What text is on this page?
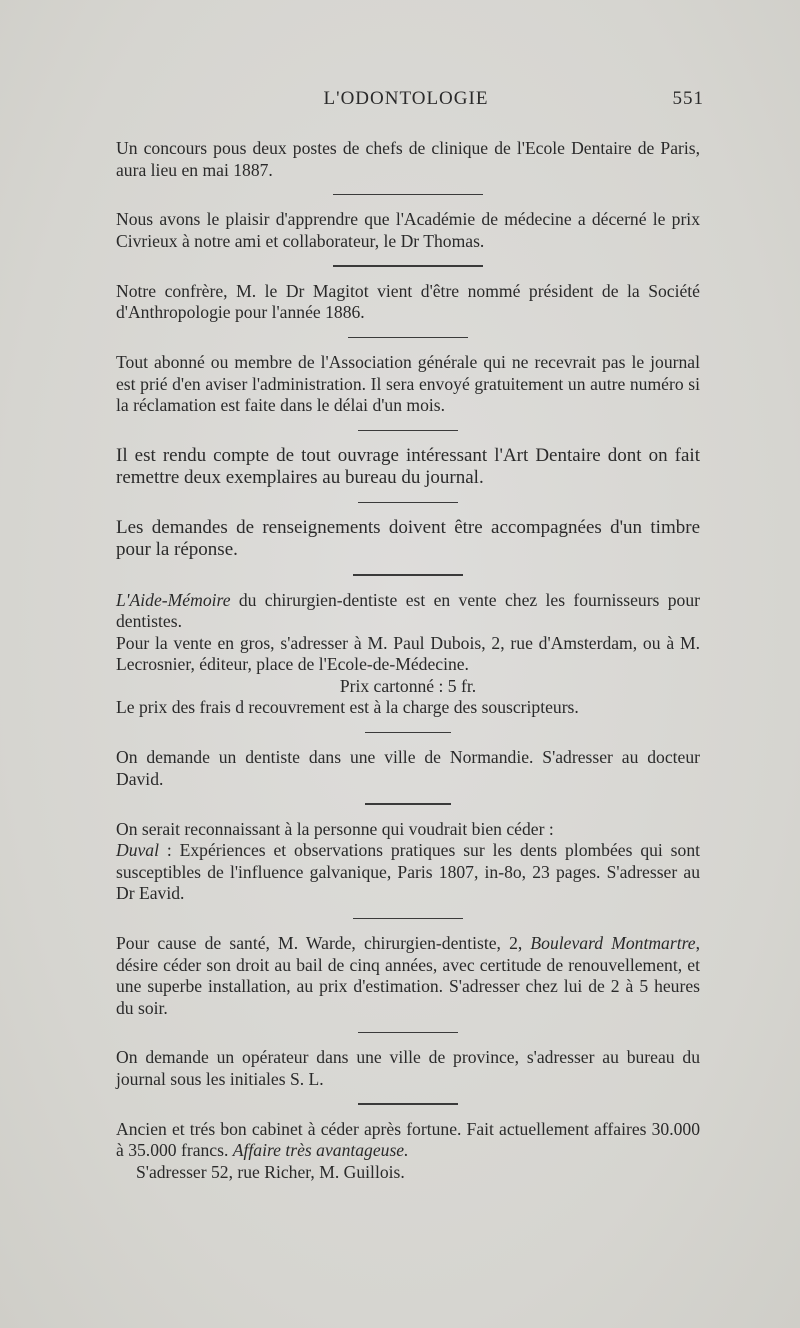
L'ODONTOLOGIE	551

Un concours pous deux postes de chefs de clinique de l'Ecole Dentaire de Paris, aura lieu en mai 1887.

Nous avons le plaisir d'apprendre que l'Académie de médecine a décerné le prix Civrieux à notre ami et collaborateur, le Dr Thomas.

Notre confrère, M. le Dr Magitot vient d'être nommé président de la Société d'Anthropologie pour l'année 1886.

Tout abonné ou membre de l'Association générale qui ne recevrait pas le journal est prié d'en aviser l'administration. Il sera envoyé gratuitement un autre numéro si la réclamation est faite dans le délai d'un mois.

Il est rendu compte de tout ouvrage intéressant l'Art Dentaire dont on fait remettre deux exemplaires au bureau du journal.

Les demandes de renseignements doivent être accompagnées d'un timbre pour la réponse.

L'Aide-Mémoire du chirurgien-dentiste est en vente chez les fournisseurs pour dentistes.

Pour la vente en gros, s'adresser à M. Paul Dubois, 2, rue d'Amsterdam, ou à M. Lecrosnier, éditeur, place de l'Ecole-de-Médecine.

Prix cartonné : 5 fr.

Le prix des frais d recouvrement est à la charge des souscripteurs.

On demande un dentiste dans une ville de Normandie. S'adresser au docteur David.

On serait reconnaissant à la personne qui voudrait bien céder :

Duval : Expériences et observations pratiques sur les dents plombées qui sont susceptibles de l'influence galvanique, Paris 1807, in-8o, 23 pages. S'adresser au Dr Eavid.

Pour cause de santé, M. Warde, chirurgien-dentiste, 2, Boulevard Montmartre, désire céder son droit au bail de cinq années, avec certitude de renouvellement, et une superbe installation, au prix d'estimation. S'adresser chez lui de 2 à 5 heures du soir.

On demande un opérateur dans une ville de province, s'adresser au bureau du journal sous les initiales S. L.

Ancien et trés bon cabinet à céder après fortune. Fait actuellement affaires 30.000 à 35.000 francs. Affaire très avantageuse.

S'adresser 52, rue Richer, M. Guillois.
